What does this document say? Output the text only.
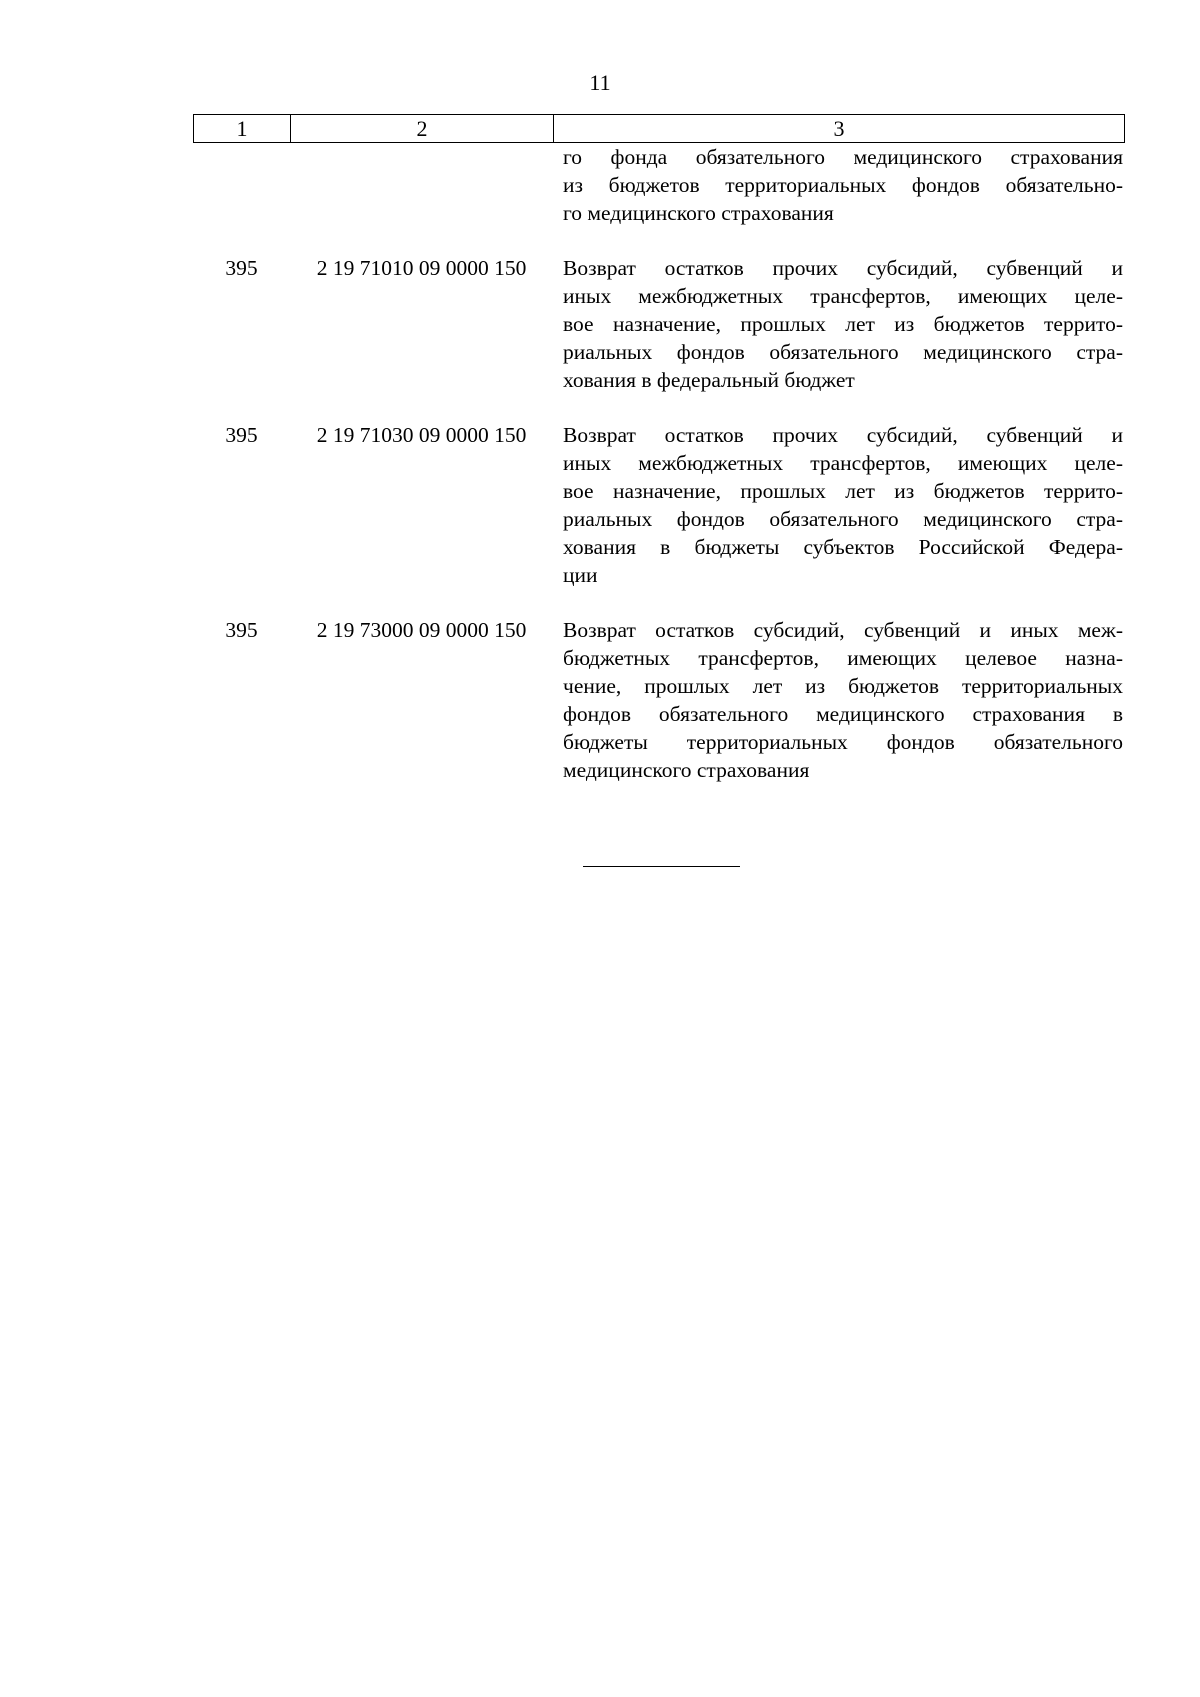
11
1	2	3
го фонда обязательного медицинского страхования
из бюджетов территориальных фондов обязательно-
го медицинского страхования
395	2 19 71010 09 0000 150	Возврат остатков прочих субсидий, субвенций и
иных межбюджетных трансфертов, имеющих целе-
вое назначение, прошлых лет из бюджетов террито-
риальных фондов обязательного медицинского стра-
хования в федеральный бюджет
395	2 19 71030 09 0000 150	Возврат остатков прочих субсидий, субвенций и
иных межбюджетных трансфертов, имеющих целе-
вое назначение, прошлых лет из бюджетов террито-
риальных фондов обязательного медицинского стра-
хования в бюджеты субъектов Российской Федера-
ции
395	2 19 73000 09 0000 150	Возврат остатков субсидий, субвенций и иных меж-
бюджетных трансфертов, имеющих целевое назна-
чение, прошлых лет из бюджетов территориальных
фондов обязательного медицинского страхования в
бюджеты территориальных фондов обязательного
медицинского страхования
